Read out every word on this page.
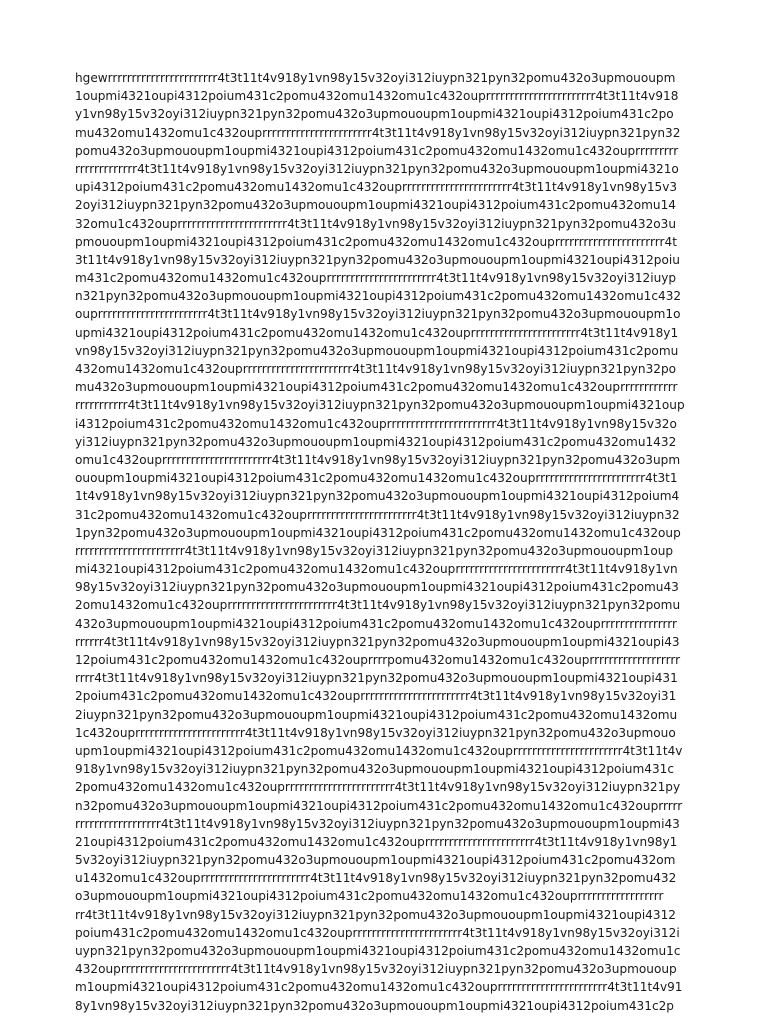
hgewrrrrrrrrrrrrrrrrrrrrrrr4t3t11t4v918y1vn98y15v32oyi312iuypn321pyn32pomu432o3upmououpm
1oupmi4321oupi4312poium431c2pomu432omu1432omu1c432ouprrrrrrrrrrrrrrrrrrrrrrr4t3t11t4v918
y1vn98y15v32oyi312iuypn321pyn32pomu432o3upmououpm1oupmi4321oupi4312poium431c2po
mu432omu1432omu1c432ouprrrrrrrrrrrrrrrrrrrrrrr4t3t11t4v918y1vn98y15v32oyi312iuypn321pyn32
pomu432o3upmououpm1oupmi4321oupi4312poium431c2pomu432omu1432omu1c432ouprrrrrrrrr
rrrrrrrrrrrrr4t3t11t4v918y1vn98y15v32oyi312iuypn321pyn32pomu432o3upmououpm1oupmi4321o
upi4312poium431c2pomu432omu1432omu1c432ouprrrrrrrrrrrrrrrrrrrrrrr4t3t11t4v918y1vn98y15v3
2oyi312iuypn321pyn32pomu432o3upmououpm1oupmi4321oupi4312poium431c2pomu432omu14
32omu1c432ouprrrrrrrrrrrrrrrrrrrrrrr4t3t11t4v918y1vn98y15v32oyi312iuypn321pyn32pomu432o3u
pmououpm1oupmi4321oupi4312poium431c2pomu432omu1432omu1c432ouprrrrrrrrrrrrrrrrrrrrrrr4t
3t11t4v918y1vn98y15v32oyi312iuypn321pyn32pomu432o3upmououpm1oupmi4321oupi4312poiu
m431c2pomu432omu1432omu1c432ouprrrrrrrrrrrrrrrrrrrrrrr4t3t11t4v918y1vn98y15v32oyi312iuyp
n321pyn32pomu432o3upmououpm1oupmi4321oupi4312poium431c2pomu432omu1432omu1c432
ouprrrrrrrrrrrrrrrrrrrrrrr4t3t11t4v918y1vn98y15v32oyi312iuypn321pyn32pomu432o3upmououpm1o
upmi4321oupi4312poium431c2pomu432omu1432omu1c432ouprrrrrrrrrrrrrrrrrrrrrrr4t3t11t4v918y1
vn98y15v32oyi312iuypn321pyn32pomu432o3upmououpm1oupmi4321oupi4312poium431c2pomu
432omu1432omu1c432ouprrrrrrrrrrrrrrrrrrrrrrr4t3t11t4v918y1vn98y15v32oyi312iuypn321pyn32po
mu432o3upmououpm1oupmi4321oupi4312poium431c2pomu432omu1432omu1c432ouprrrrrrrrrrrr
rrrrrrrrrrr4t3t11t4v918y1vn98y15v32oyi312iuypn321pyn32pomu432o3upmououpm1oupmi4321oup
i4312poium431c2pomu432omu1432omu1c432ouprrrrrrrrrrrrrrrrrrrrrrr4t3t11t4v918y1vn98y15v32o
yi312iuypn321pyn32pomu432o3upmououpm1oupmi4321oupi4312poium431c2pomu432omu1432
omu1c432ouprrrrrrrrrrrrrrrrrrrrrrr4t3t11t4v918y1vn98y15v32oyi312iuypn321pyn32pomu432o3upm
ououpm1oupmi4321oupi4312poium431c2pomu432omu1432omu1c432ouprrrrrrrrrrrrrrrrrrrrrrr4t3t1
1t4v918y1vn98y15v32oyi312iuypn321pyn32pomu432o3upmououpm1oupmi4321oupi4312poium4
31c2pomu432omu1432omu1c432ouprrrrrrrrrrrrrrrrrrrrrrr4t3t11t4v918y1vn98y15v32oyi312iuypn32
1pyn32pomu432o3upmououpm1oupmi4321oupi4312poium431c2pomu432omu1432omu1c432oup
rrrrrrrrrrrrrrrrrrrrrrr4t3t11t4v918y1vn98y15v32oyi312iuypn321pyn32pomu432o3upmououpm1oup
mi4321oupi4312poium431c2pomu432omu1432omu1c432ouprrrrrrrrrrrrrrrrrrrrrrr4t3t11t4v918y1vn
98y15v32oyi312iuypn321pyn32pomu432o3upmououpm1oupmi4321oupi4312poium431c2pomu43
2omu1432omu1c432ouprrrrrrrrrrrrrrrrrrrrrrr4t3t11t4v918y1vn98y15v32oyi312iuypn321pyn32pomu
432o3upmououpm1oupmi4321oupi4312poium431c2pomu432omu1432omu1c432ouprrrrrrrrrrrrrrrr
rrrrrr4t3t11t4v918y1vn98y15v32oyi312iuypn321pyn32pomu432o3upmououpm1oupmi4321oupi43
12poium431c2pomu432omu1432omu1c432ouprrrrpomu432omu1432omu1c432ouprrrrrrrrrrrrrrrrrrr
rrrr4t3t11t4v918y1vn98y15v32oyi312iuypn321pyn32pomu432o3upmououpm1oupmi4321oupi431
2poium431c2pomu432omu1432omu1c432ouprrrrrrrrrrrrrrrrrrrrrrr4t3t11t4v918y1vn98y15v32oyi31
2iuypn321pyn32pomu432o3upmououpm1oupmi4321oupi4312poium431c2pomu432omu1432omu
1c432ouprrrrrrrrrrrrrrrrrrrrrrr4t3t11t4v918y1vn98y15v32oyi312iuypn321pyn32pomu432o3upmouo
upm1oupmi4321oupi4312poium431c2pomu432omu1432omu1c432ouprrrrrrrrrrrrrrrrrrrrrrr4t3t11t4v
918y1vn98y15v32oyi312iuypn321pyn32pomu432o3upmououpm1oupmi4321oupi4312poium431c
2pomu432omu1432omu1c432ouprrrrrrrrrrrrrrrrrrrrrrr4t3t11t4v918y1vn98y15v32oyi312iuypn321py
n32pomu432o3upmououpm1oupmi4321oupi4312poium431c2pomu432omu1432omu1c432ouprrrrr
rrrrrrrrrrrrrrrrrr4t3t11t4v918y1vn98y15v32oyi312iuypn321pyn32pomu432o3upmououpm1oupmi43
21oupi4312poium431c2pomu432omu1432omu1c432ouprrrrrrrrrrrrrrrrrrrrrrr4t3t11t4v918y1vn98y1
5v32oyi312iuypn321pyn32pomu432o3upmououpm1oupmi4321oupi4312poium431c2pomu432om
u1432omu1c432ouprrrrrrrrrrrrrrrrrrrrrrr4t3t11t4v918y1vn98y15v32oyi312iuypn321pyn32pomu432
o3upmououpm1oupmi4321oupi4312poium431c2pomu432omu1432omu1c432ouprrrrrrrrrrrrrrrrrr
rr4t3t11t4v918y1vn98y15v32oyi312iuypn321pyn32pomu432o3upmououpm1oupmi4321oupi4312
poium431c2pomu432omu1432omu1c432ouprrrrrrrrrrrrrrrrrrrrrrr4t3t11t4v918y1vn98y15v32oyi312i
uypn321pyn32pomu432o3upmououpm1oupmi4321oupi4312poium431c2pomu432omu1432omu1c
432ouprrrrrrrrrrrrrrrrrrrrrrr4t3t11t4v918y1vn98y15v32oyi312iuypn321pyn32pomu432o3upmououp
m1oupmi4321oupi4312poium431c2pomu432omu1432omu1c432ouprrrrrrrrrrrrrrrrrrrrrrr4t3t11t4v91
8y1vn98y15v32oyi312iuypn321pyn32pomu432o3upmououpm1oupmi4321oupi4312poium431c2p
